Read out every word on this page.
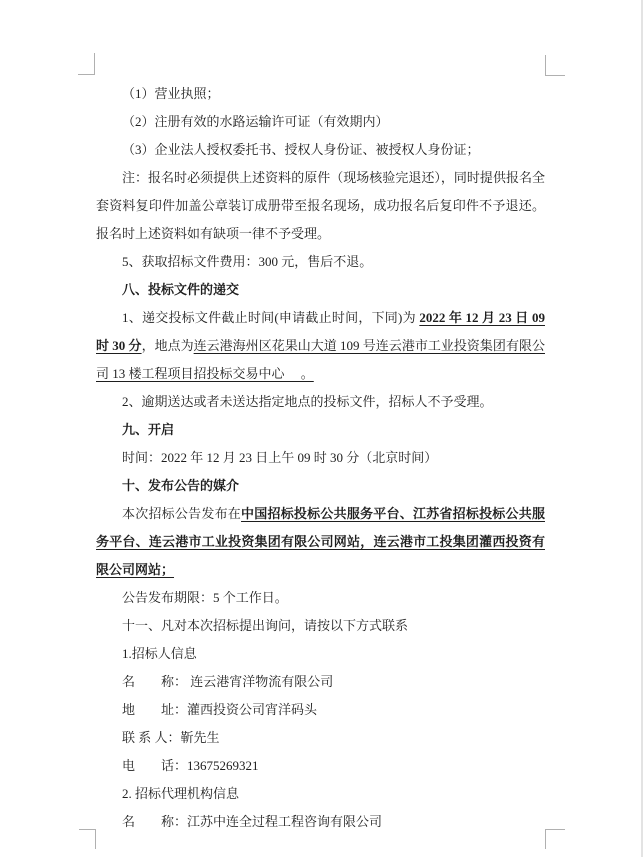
（1）营业执照；

（2）注册有效的水路运输许可证（有效期内）

（3）企业法人授权委托书、授权人身份证、被授权人身份证；

注：报名时必须提供上述资料的原件（现场核验完退还），同时提供报名全套资料复印件加盖公章装订成册带至报名现场，成功报名后复印件不予退还。报名时上述资料如有缺项一律不予受理。

5、获取招标文件费用：300 元，售后不退。

八、投标文件的递交

1、递交投标文件截止时间(申请截止时间，下同)为 2022 年 12 月 23 日 09 时 30 分，地点为连云港海州区花果山大道 109 号连云港市工业投资集团有限公司 13 楼工程项目招投标交易中心　 。

2、逾期送达或者未送达指定地点的投标文件，招标人不予受理。

九、开启

时间：2022 年 12 月 23 日上午 09 时 30 分（北京时间）

十、发布公告的媒介

本次招标公告发布在中国招标投标公共服务平台、江苏省招标投标公共服务平台、连云港市工业投资集团有限公司网站，连云港市工投集团灌西投资有限公司网站；

公告发布期限：5 个工作日。

十一、凡对本次招标提出询问，请按以下方式联系

1.招标人信息

名　　称： 连云港宵洋物流有限公司

地　　址：灌西投资公司宵洋码头

联 系 人：靳先生

电　　话：13675269321

2. 招标代理机构信息

名　　称：江苏中连全过程工程咨询有限公司
